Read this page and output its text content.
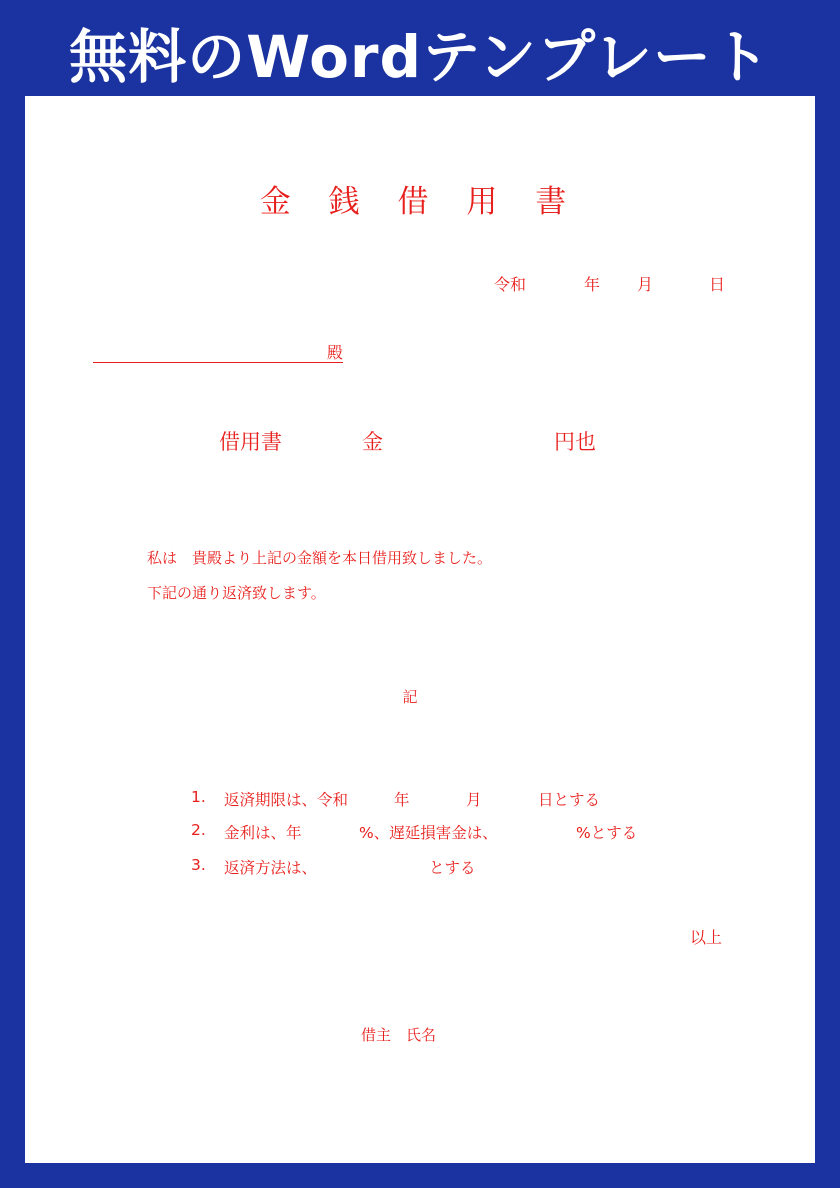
無料のWordテンプレート
金 銭 借 用 書
令和	年 月	日
殿
借用書	金	円也
私は　貴殿より上記の金額を本日借用致しました。
下記の通り返済致します。
記
1. 返済期限は、令和	年	月	日とする
2. 金利は、年	%、遅延損害金は、	%とする
3. 返済方法は、	とする
以上
借主　氏名
